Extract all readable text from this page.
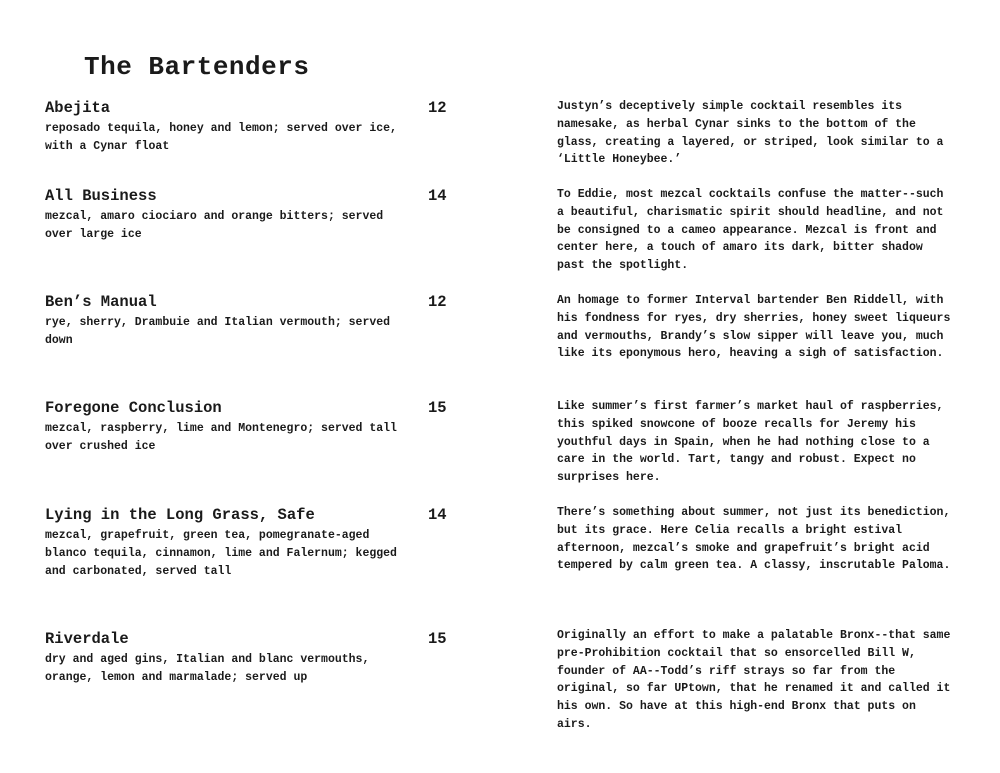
The Bartenders
Abejita	12
reposado tequila, honey and lemon; served over ice, with a Cynar float
Justyn’s deceptively simple cocktail resembles its namesake, as herbal Cynar sinks to the bottom of the glass, creating a layered, or striped, look similar to a ‘Little Honeybee.’
All Business	14
mezcal, amaro ciociaro and orange bitters; served over large ice
To Eddie, most mezcal cocktails confuse the matter--such a beautiful, charismatic spirit should headline, and not be consigned to a cameo appearance. Mezcal is front and center here, a touch of amaro its dark, bitter shadow past the spotlight.
Ben’s Manual	12
rye, sherry, Drambuie and Italian vermouth; served down
An homage to former Interval bartender Ben Riddell, with his fondness for ryes, dry sherries, honey sweet liqueurs and vermouths, Brandy’s slow sipper will leave you, much like its eponymous hero, heaving a sigh of satisfaction.
Foregone Conclusion	15
mezcal, raspberry, lime and Montenegro; served tall over crushed ice
Like summer’s first farmer’s market haul of raspberries, this spiked snowcone of booze recalls for Jeremy his youthful days in Spain, when he had nothing close to a care in the world. Tart, tangy and robust. Expect no surprises here.
Lying in the Long Grass, Safe	14
mezcal, grapefruit, green tea, pomegranate-aged blanco tequila, cinnamon, lime and Falernum; kegged and carbonated, served tall
There’s something about summer, not just its benediction, but its grace. Here Celia recalls a bright estival afternoon, mezcal’s smoke and grapefruit’s bright acid tempered by calm green tea. A classy, inscrutable Paloma.
Riverdale	15
dry and aged gins, Italian and blanc vermouths, orange, lemon and marmalade; served up
Originally an effort to make a palatable Bronx--that same pre-Prohibition cocktail that so ensorcelled Bill W, founder of AA--Todd’s riff strays so far from the original, so far UPtown, that he renamed it and called it his own. So have at this high-end Bronx that puts on airs.
